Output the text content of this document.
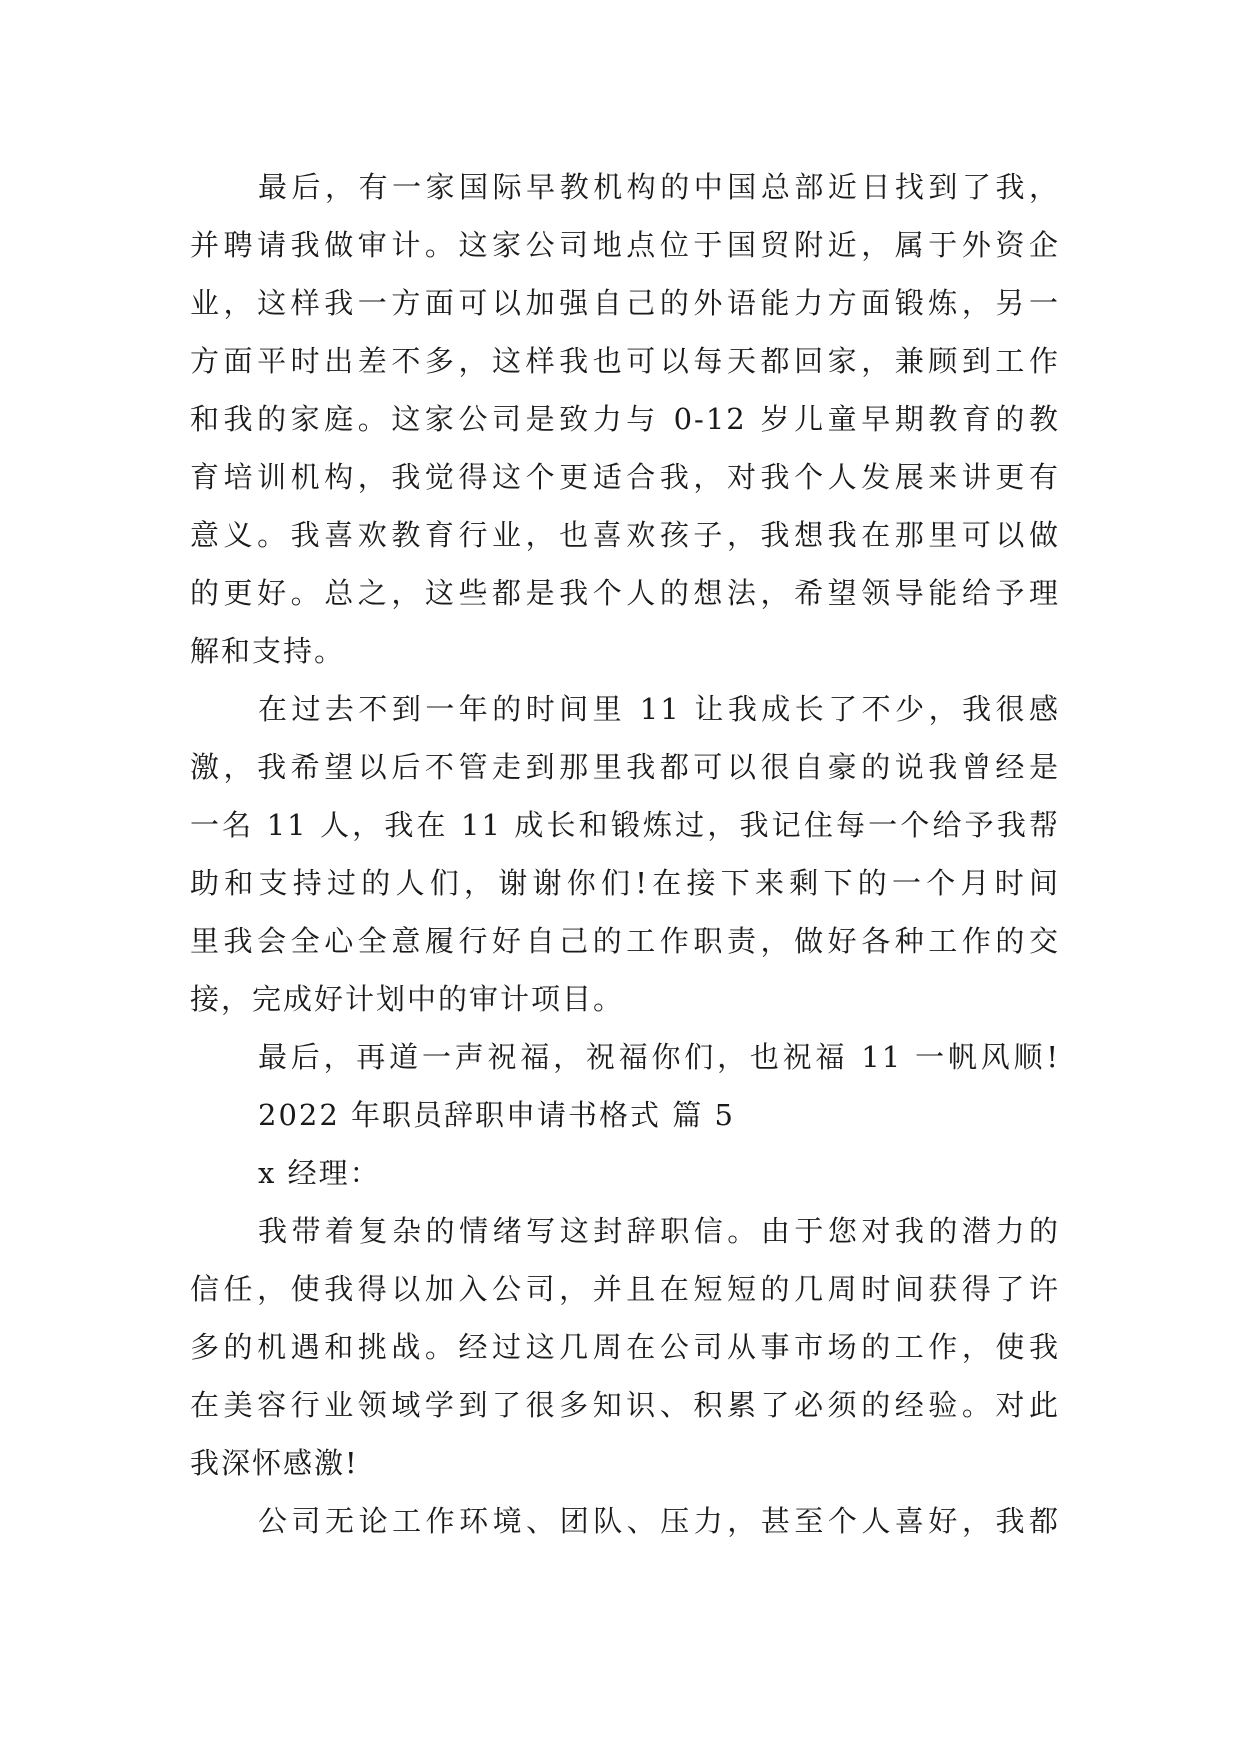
最后，有一家国际早教机构的中国总部近日找到了我，
并聘请我做审计。这家公司地点位于国贸附近，属于外资企
业，这样我一方面可以加强自己的外语能力方面锻炼，另一
方面平时出差不多，这样我也可以每天都回家，兼顾到工作
和我的家庭。这家公司是致力与 0-12 岁儿童早期教育的教
育培训机构，我觉得这个更适合我，对我个人发展来讲更有
意义。我喜欢教育行业，也喜欢孩子，我想我在那里可以做
的更好。总之，这些都是我个人的想法，希望领导能给予理
解和支持。
在过去不到一年的时间里 11 让我成长了不少，我很感
激，我希望以后不管走到那里我都可以很自豪的说我曾经是
一名 11 人，我在 11 成长和锻炼过，我记住每一个给予我帮
助和支持过的人们，谢谢你们!在接下来剩下的一个月时间
里我会全心全意履行好自己的工作职责，做好各种工作的交
接，完成好计划中的审计项目。
最后，再道一声祝福，祝福你们，也祝福 11 一帆风顺!
2022 年职员辞职申请书格式 篇 5
x 经理：
我带着复杂的情绪写这封辞职信。由于您对我的潜力的
信任，使我得以加入公司，并且在短短的几周时间获得了许
多的机遇和挑战。经过这几周在公司从事市场的工作，使我
在美容行业领域学到了很多知识、积累了必须的经验。对此
我深怀感激!
公司无论工作环境、团队、压力，甚至个人喜好，我都
